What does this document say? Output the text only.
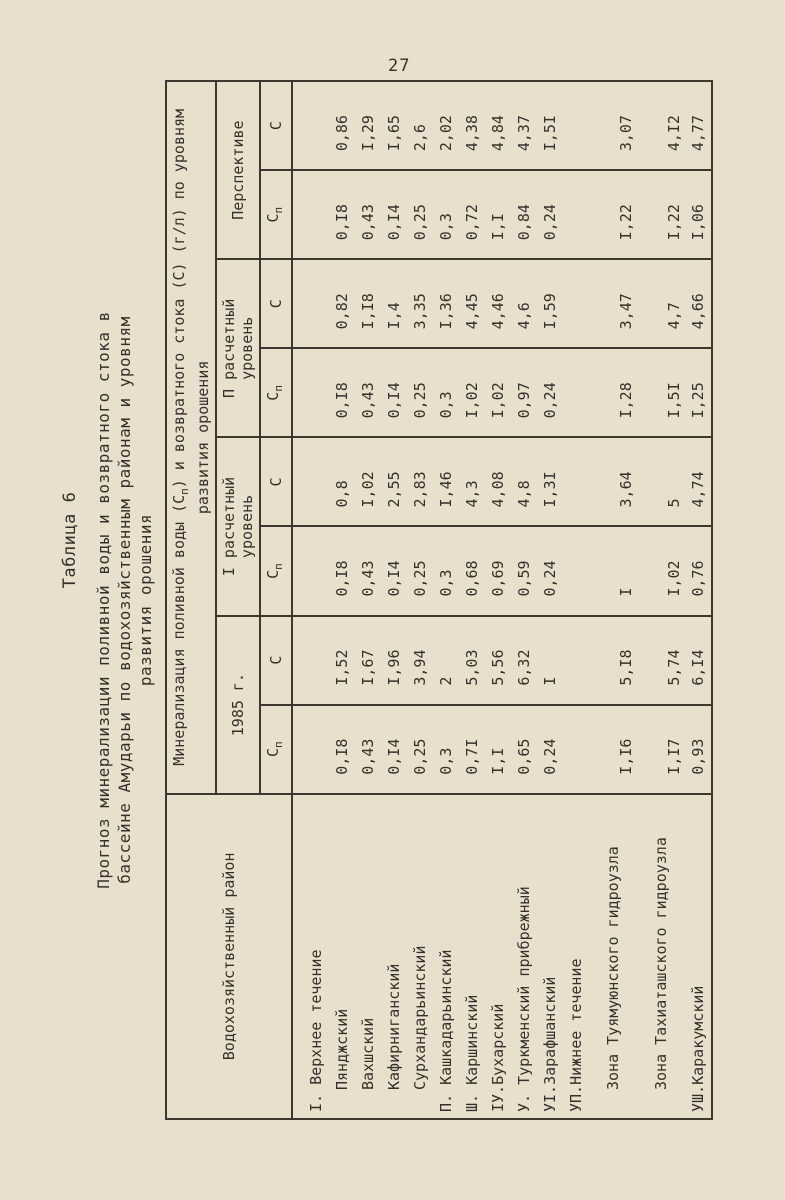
27
Таблица 6 Прогноз минерализации поливной воды и возвратного стока в бассейне Амударьи по водохозяйственным районам и уровням развития орошения
Водохозяйственный район	Минерализация поливной воды $(С_п)$ и возвратного стока (С) (г/л) по уровням развития орошения							
	1985 г.		I расчетный уровень		П расчетный уровень		Перспективе	
	$С_п$	С	$С_п$	С	$С_п$	С	$С_п$	С
I. Верхнее течение								
Пянджский	0,I8	I,52	0,I8	0,8	0,I8	0,82	0,I8	0,86
Вахшский	0,43	I,67	0,43	I,02	0,43	I,I8	0,43	I,29
Кафирниганский	0,I4	I,96	0,I4	2,55	0,I4	I,4	0,I4	I,65
Сурхандарьинский	0,25	3,94	0,25	2,83	0,25	3,35	0,25	2,6
П. Кашкадарьинский	0,3	2	0,3	I,46	0,3	I,36	0,3	2,02
Ш. Каршинский	0,7I	5,03	0,68	4,3	I,02	4,45	0,72	4,38
IУ.Бухарский	I,I	5,56	0,69	4,08	I,02	4,46	I,I	4,84
У. Туркменский прибрежный	0,65	6,32	0,59	4,8	0,97	4,6	0,84	4,37
УI.Зарафшанский	0,24	I	0,24	I,3I	0,24	I,59	0,24	I,5I
УП.Нижнее течение								
Зона Туямуюнского гидроузла	I,I6	5,I8	I	3,64	I,28	3,47	I,22	3,07
Зона Тахиаташского гидроузла	I,I7	5,74	I,02	5	I,5I	4,7	I,22	4,I2
УШ.Каракумский	0,93	6,I4	0,76	4,74	I,25	4,66	I,06	4,77
